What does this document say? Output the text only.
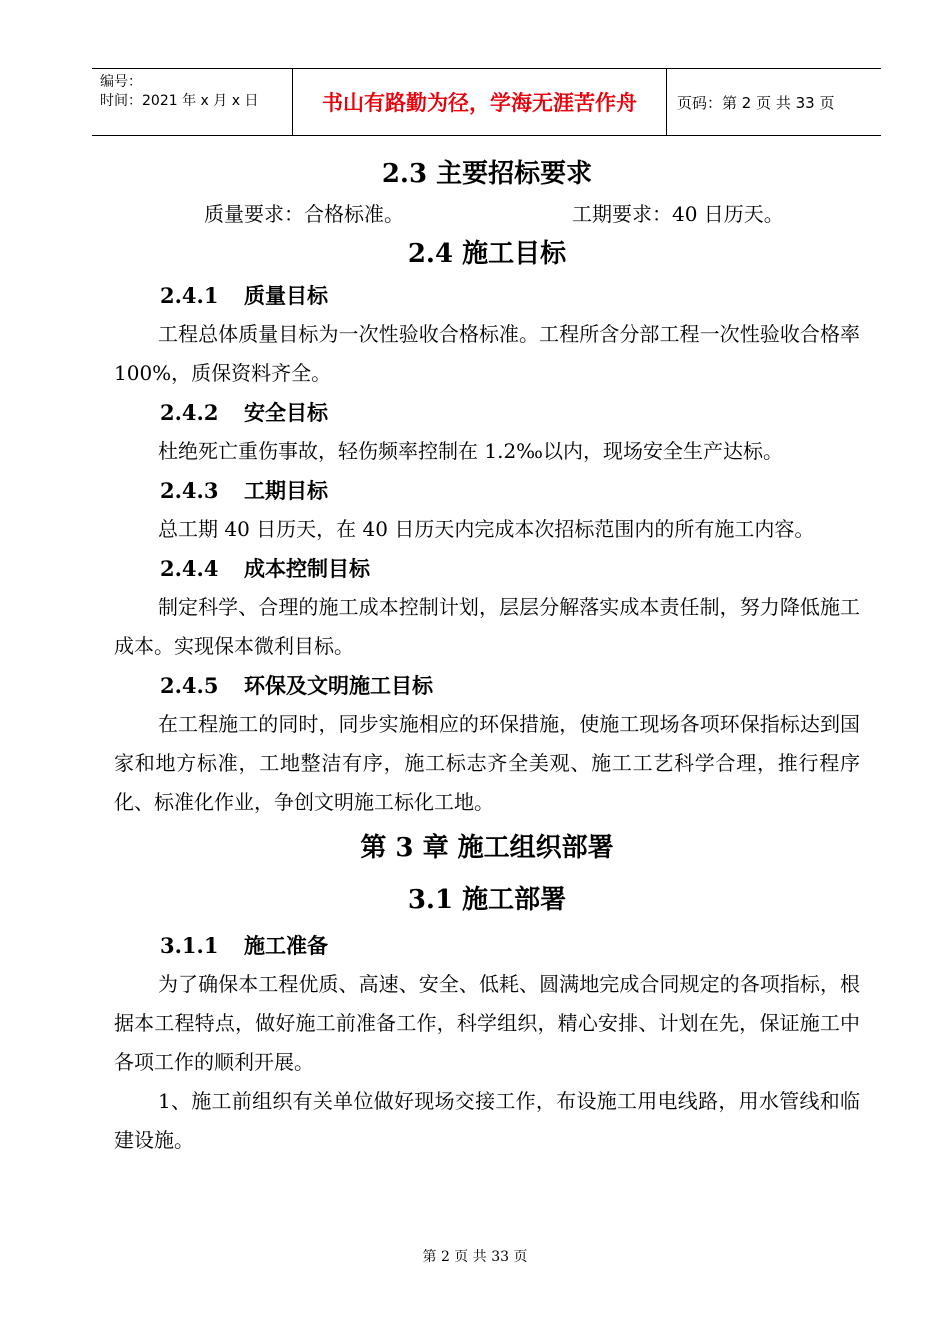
编号：
时间：2021 年 x 月 x 日	书山有路勤为径，学海无涯苦作舟	页码：第 2 页 共 33 页
2.3 主要招标要求
质量要求：合格标准。	工期要求：40 日历天。
2.4 施工目标
2.4.1 质量目标

工程总体质量目标为一次性验收合格标准。工程所含分部工程一次性验收合格率 100%，质保资料齐全。

2.4.2 安全目标

杜绝死亡重伤事故，轻伤频率控制在 1.2‰以内，现场安全生产达标。

2.4.3 工期目标

总工期 40 日历天，在 40 日历天内完成本次招标范围内的所有施工内容。

2.4.4 成本控制目标

制定科学、合理的施工成本控制计划，层层分解落实成本责任制，努力降低施工成本。实现保本微利目标。

2.4.5 环保及文明施工目标

在工程施工的同时，同步实施相应的环保措施，使施工现场各项环保指标达到国家和地方标准，工地整洁有序，施工标志齐全美观、施工工艺科学合理，推行程序化、标准化作业，争创文明施工标化工地。

第 3 章 施工组织部署
3.1 施工部署
3.1.1 施工准备

为了确保本工程优质、高速、安全、低耗、圆满地完成合同规定的各项指标，根据本工程特点，做好施工前准备工作，科学组织，精心安排、计划在先，保证施工中各项工作的顺利开展。

1、施工前组织有关单位做好现场交接工作，布设施工用电线路，用水管线和临建设施。

第 2 页 共 33 页
